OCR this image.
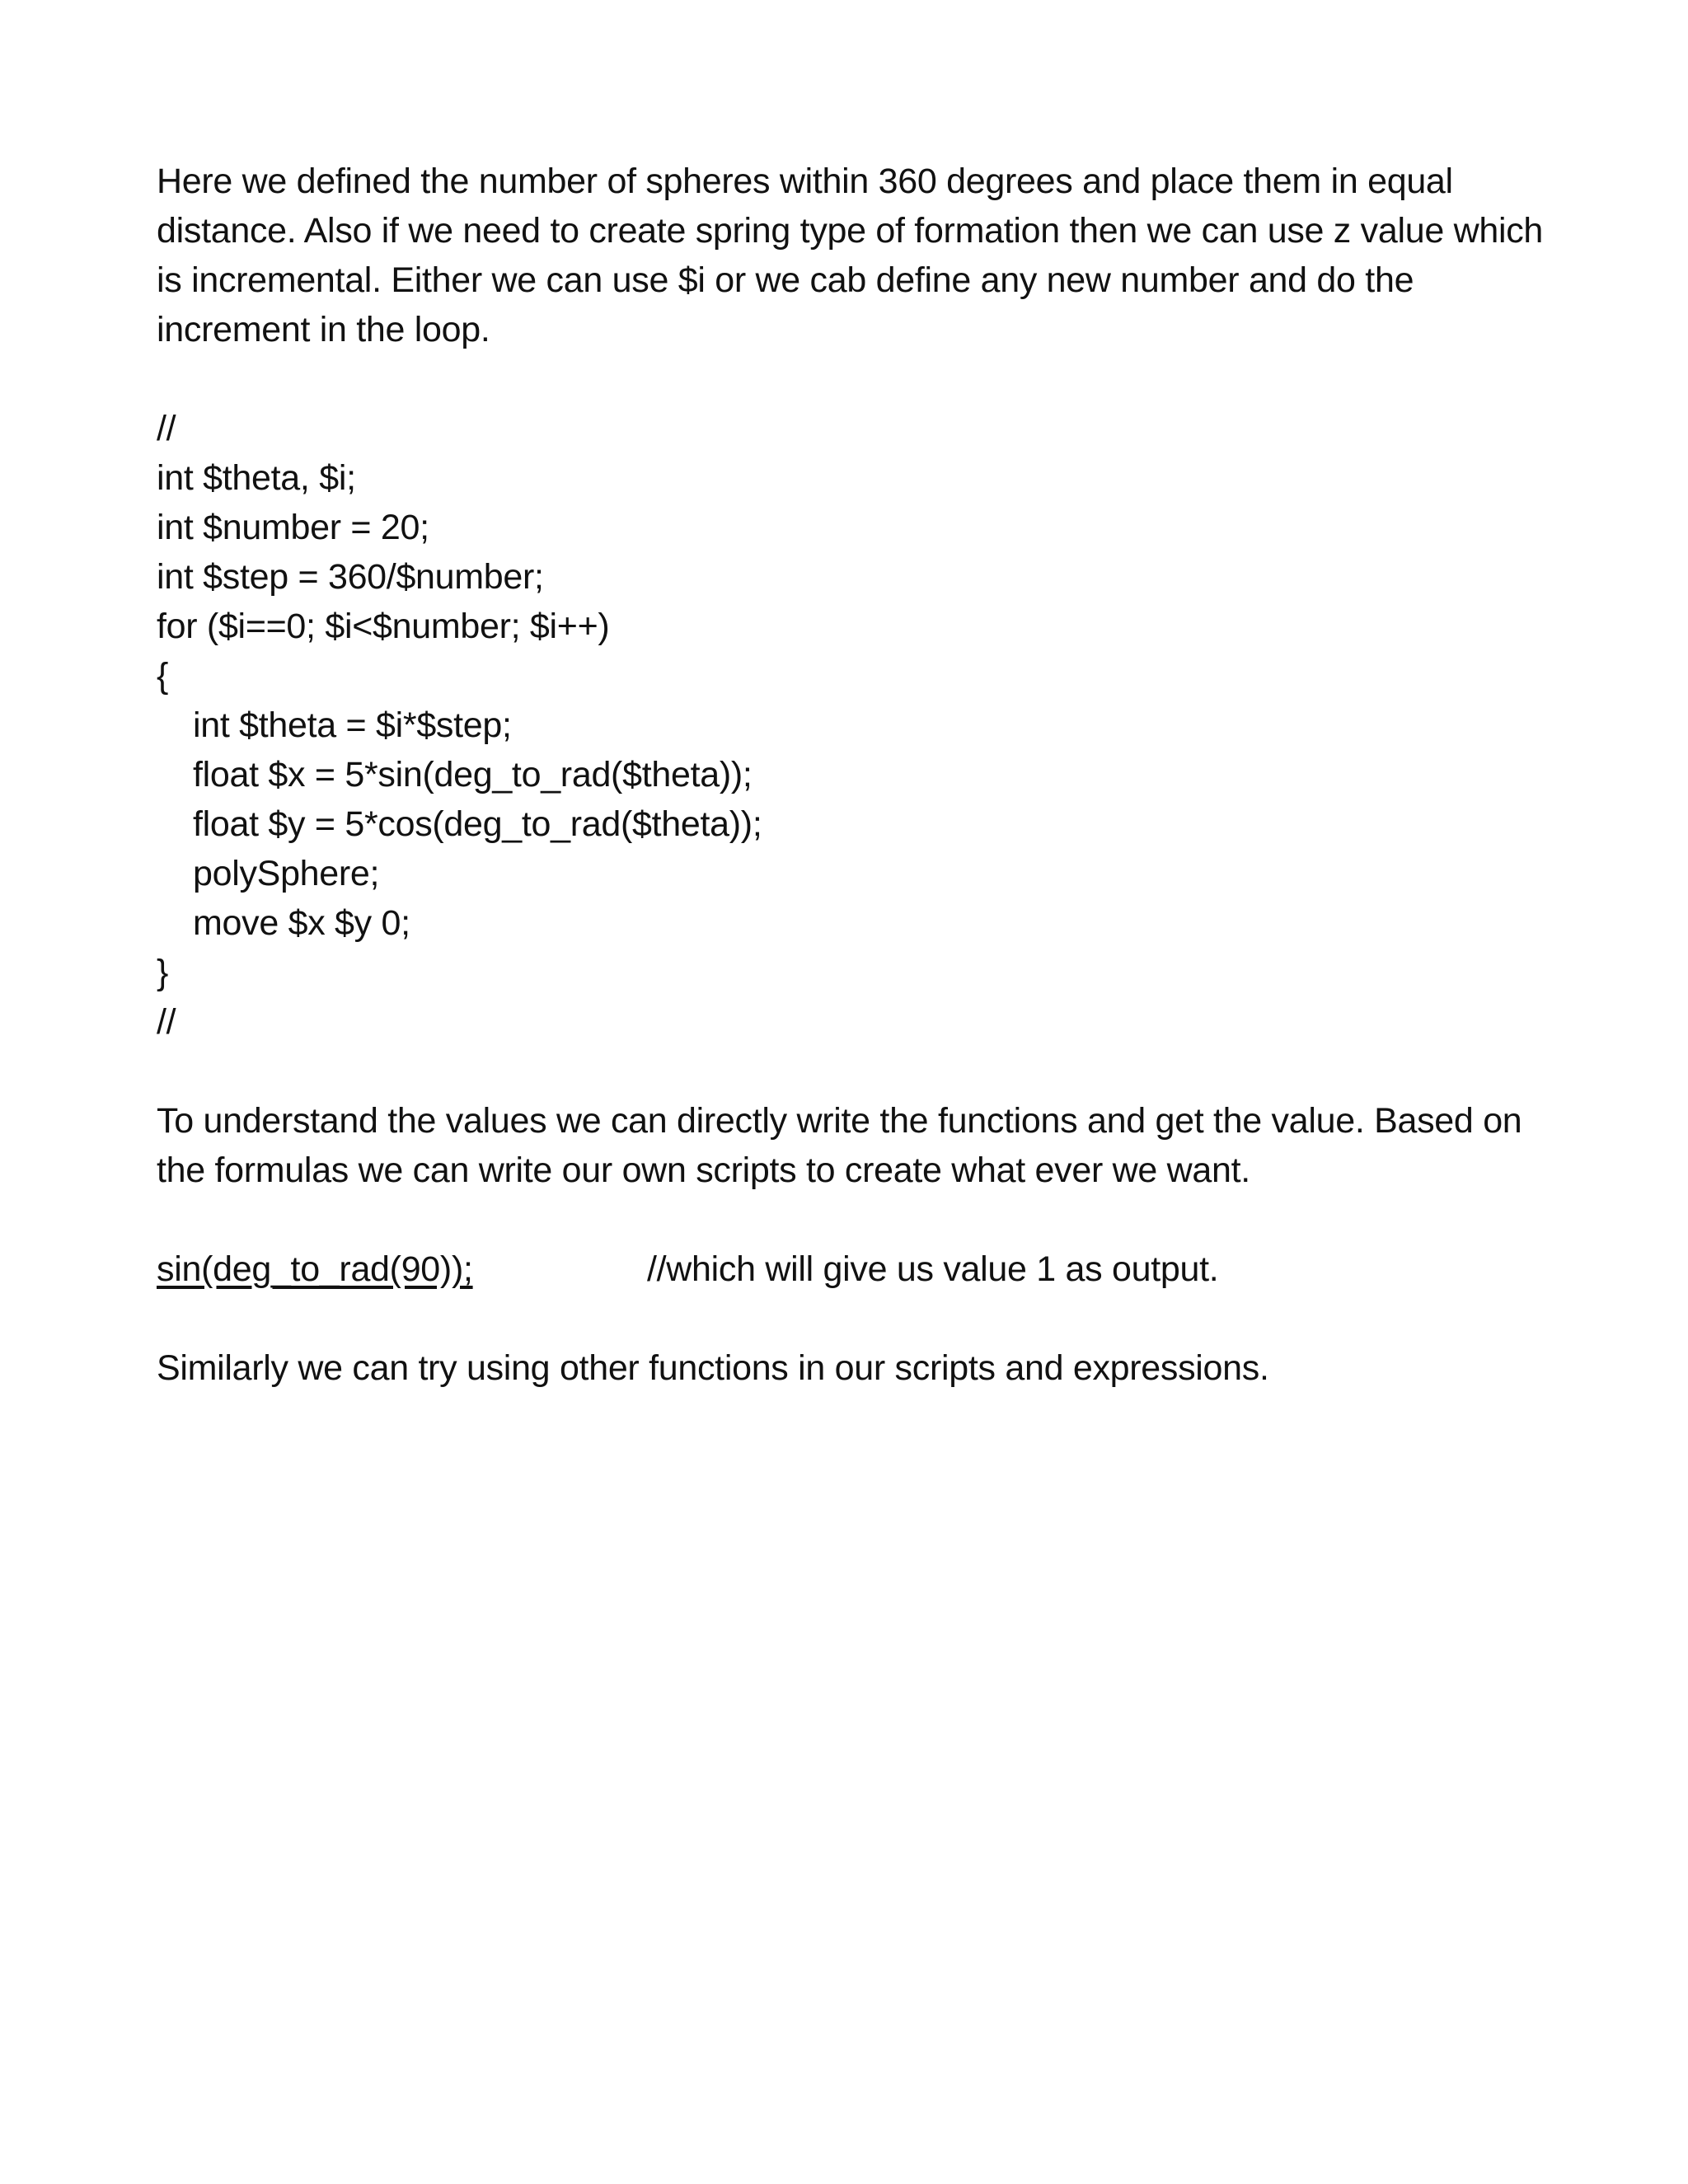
Here we defined the number of spheres within 360 degrees and place them in equal distance. Also if we need to create spring type of formation then we can use z value which is incremental. Either we can use $i or we cab define any new number and do the increment in the loop.

//

int $theta, $i;

int $number = 20;

int $step = 360/$number;

for ($i==0; $i<$number; $i++)

{

int $theta = $i*$step;

float $x = 5*sin(deg_to_rad($theta));

float $y = 5*cos(deg_to_rad($theta));

polySphere;

move $x $y 0;

}

//

To understand the values we can directly write the functions and get the value. Based on the formulas we can write our own scripts to create what ever we want.

sin(deg_to_rad(90));	//which will give us value 1 as output.

Similarly we can try using other functions in our scripts and expressions.
